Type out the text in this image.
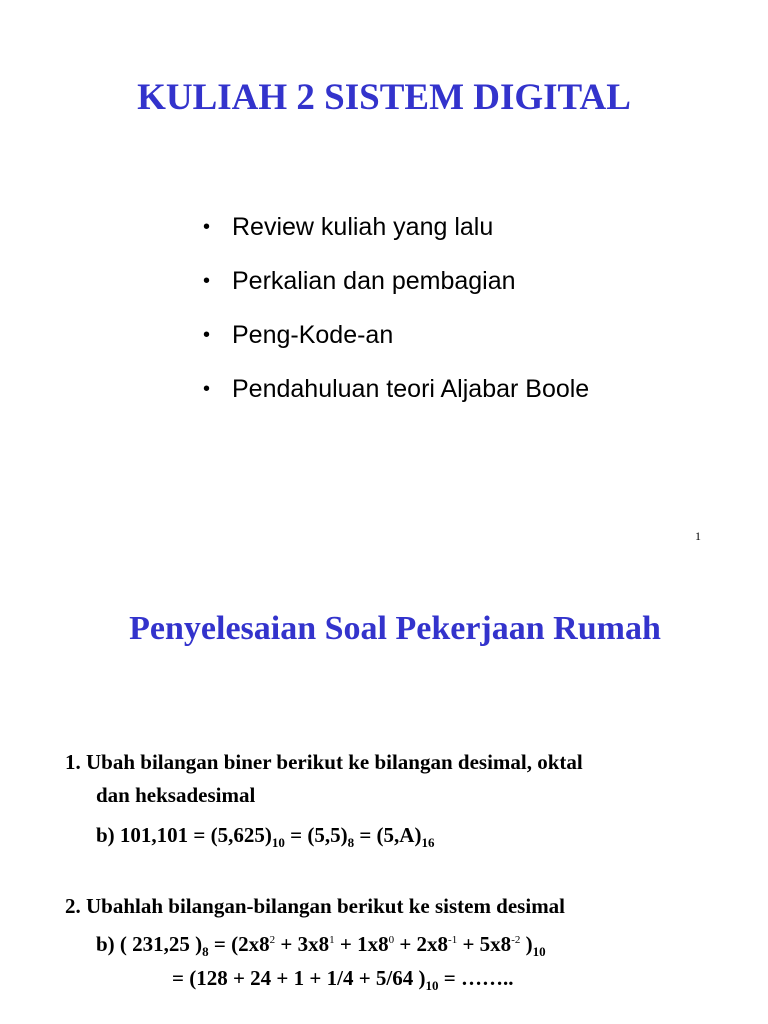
KULIAH 2 SISTEM DIGITAL
• Review kuliah yang lalu
• Perkalian dan pembagian
• Peng-Kode-an
• Pendahuluan teori Aljabar Boole

1

Penyelesaian Soal Pekerjaan Rumah

1. Ubah bilangan biner berikut ke bilangan desimal, oktal

dan heksadesimal

b) $101,101 = (5,625)_{10} = (5,5)_8 = (5,A)_{16}$

2. Ubahlah bilangan-bilangan berikut ke sistem desimal

b) ( 231,25 )$_8 = (2x8^2 + 3x8^1 + 1x8^0 + 2x8^{-1} + 5x8^{-2}$ )$_{10}$

= (128 + 24 + 1 + 1/4 + 5/64 )$_{10}$ = ……..
